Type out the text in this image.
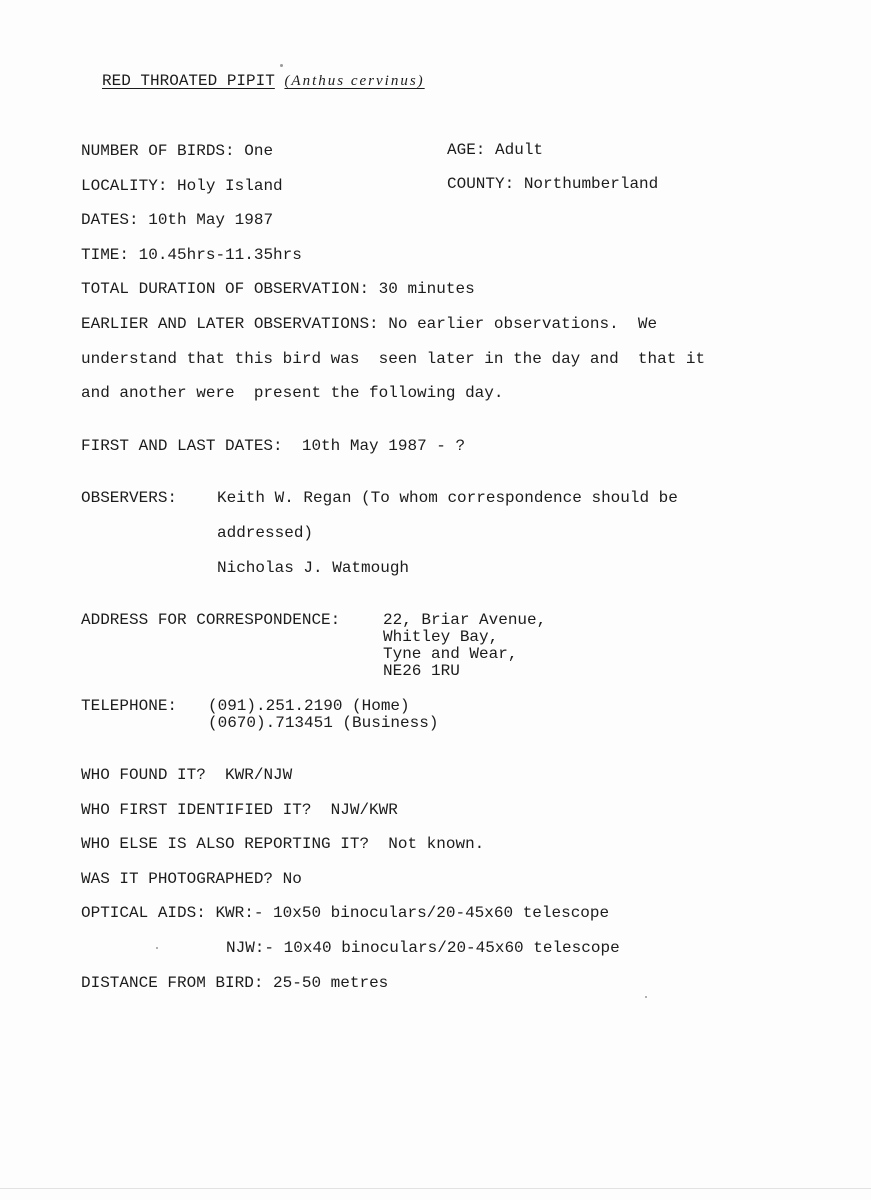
RED THROATED PIPIT (Anthus cervinus)
NUMBER OF BIRDS: One	AGE: Adult
LOCALITY: Holy Island	COUNTY: Northumberland
DATES: 10th May 1987
TIME: 10.45hrs-11.35hrs
TOTAL DURATION OF OBSERVATION: 30 minutes
EARLIER AND LATER OBSERVATIONS: No earlier observations.  We
understand that this bird was  seen later in the day and  that it
and another were  present the following day.
FIRST AND LAST DATES: 10th May 1987 - ?
OBSERVERS: Keith W. Regan (To whom correspondence should be
addressed)
Nicholas J. Watmough
ADDRESS FOR CORRESPONDENCE:	22, Briar Avenue,
Whitley Bay,
Tyne and Wear,
NE26 1RU
TELEPHONE: (091).251.2190 (Home)
(0670).713451 (Business)
WHO FOUND IT? KWR/NJW
WHO FIRST IDENTIFIED IT? NJW/KWR
WHO ELSE IS ALSO REPORTING IT? Not known.
WAS IT PHOTOGRAPHED? No
OPTICAL AIDS: KWR:- 10x50 binoculars/20-45x60 telescope
NJW:- 10x40 binoculars/20-45x60 telescope
DISTANCE FROM BIRD: 25-50 metres
